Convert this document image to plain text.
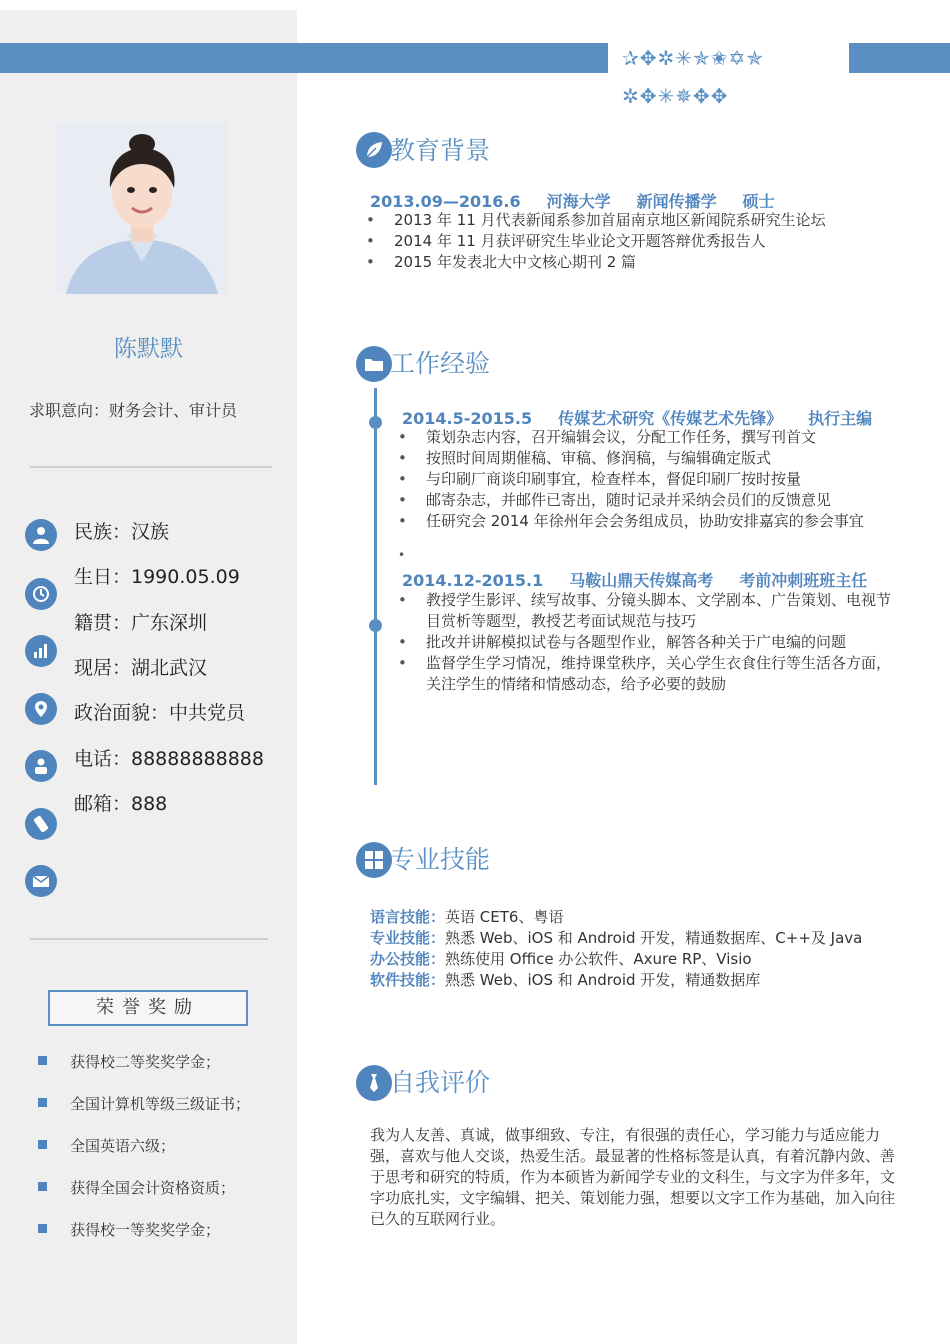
✰✥✲✳✯✬✡✯
✲✥✳✵✥✥
陈默默
求职意向：财务会计、审计员
民族：汉族
生日：1990.05.09
籍贯：广东深圳
现居：湖北武汉
政治面貌：中共党员
电话：88888888888
邮箱：888
荣誉奖励
获得校二等奖奖学金；
全国计算机等级三级证书；
全国英语六级；
获得全国会计资格资质；
获得校一等奖奖学金；
教育背景
2013.09—2016.6 河海大学 新闻传播学 硕士
• 2013 年 11 月代表新闻系参加首届南京地区新闻院系研究生论坛
• 2014 年 11 月获评研究生毕业论文开题答辩优秀报告人
• 2015 年发表北大中文核心期刊 2 篇
工作经验
2014.5-2015.5 传媒艺术研究《传媒艺术先锋》 执行主编
• 策划杂志内容，召开编辑会议，分配工作任务，撰写刊首文
• 按照时间周期催稿、审稿、修润稿，与编辑确定版式
• 与印刷厂商谈印刷事宜，检查样本，督促印刷厂按时按量
• 邮寄杂志，并邮件已寄出，随时记录并采纳会员们的反馈意见
• 任研究会 2014 年徐州年会会务组成员，协助安排嘉宾的参会事宜
•
2014.12-2015.1 马鞍山鼎天传媒高考 考前冲刺班班主任
• 教授学生影评、续写故事、分镜头脚本、文学剧本、广告策划、电视节目赏析等题型，教授艺考面试规范与技巧
• 批改并讲解模拟试卷与各题型作业，解答各种关于广电编的问题
• 监督学生学习情况，维持课堂秩序，关心学生衣食住行等生活各方面，关注学生的情绪和情感动态，给予必要的鼓励
专业技能
语言技能：英语 CET6、粤语
专业技能：熟悉 Web、iOS 和 Android 开发，精通数据库、C++及 Java
办公技能：熟练使用 Office 办公软件、Axure RP、Visio
软件技能：熟悉 Web、iOS 和 Android 开发，精通数据库
自我评价
我为人友善、真诚，做事细致、专注，有很强的责任心，学习能力与适应能力强，喜欢与他人交谈，热爱生活。最显著的性格标签是认真，有着沉静内敛、善于思考和研究的特质，作为本硕皆为新闻学专业的文科生，与文字为伴多年，文字功底扎实，文字编辑、把关、策划能力强，想要以文字工作为基础，加入向往已久的互联网行业。
